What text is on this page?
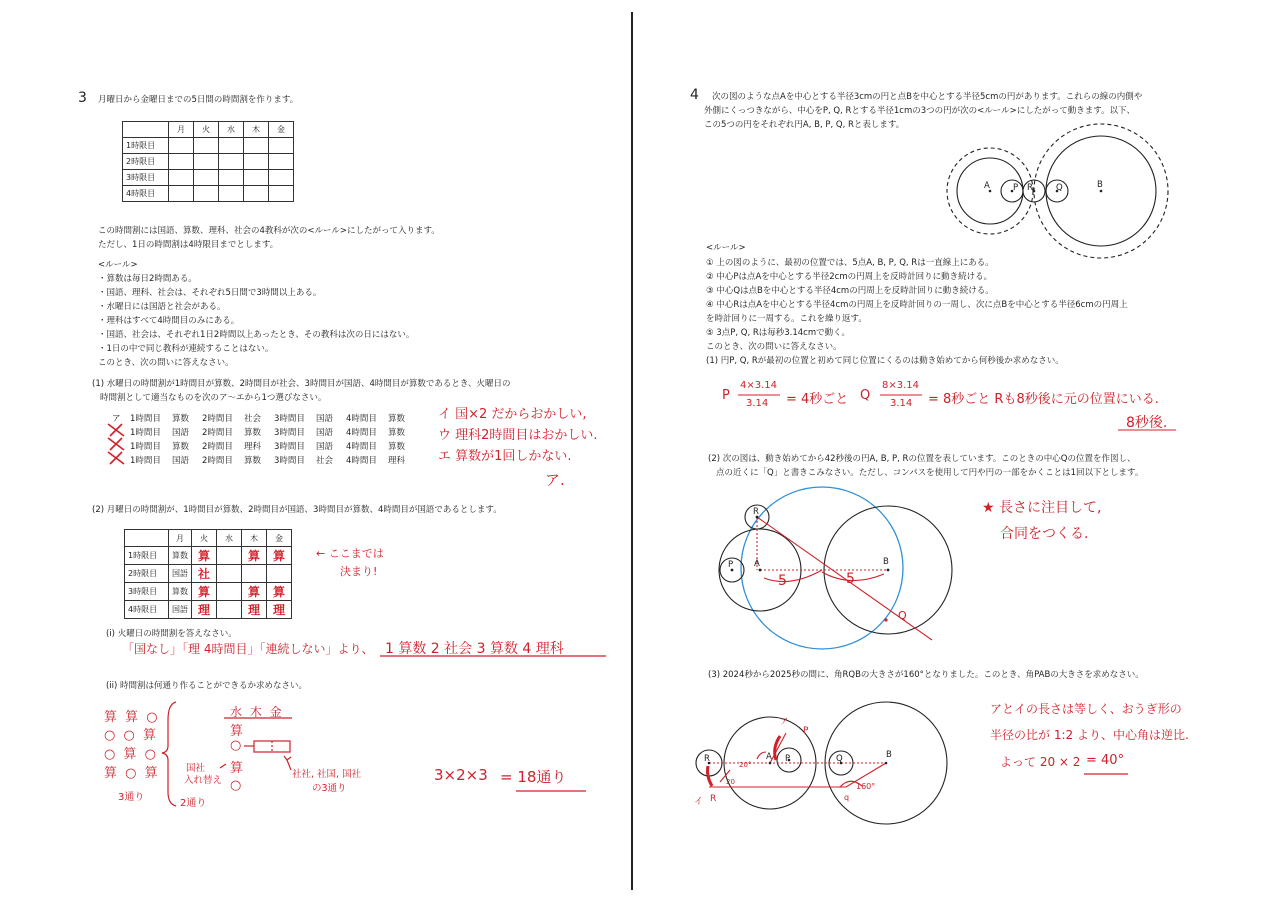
3 月曜日から金曜日までの5日間の時間割を作ります。
	月	火	水	木	金
1時限目					
2時限目					
3時限目					
4時限目					
この時間割には国語、算数、理科、社会の4教科が次の<ルール>にしたがって入ります。
ただし、1日の時間割は4時限目までとします。
<ルール>
・算数は毎日2時間ある。
・国語、理科、社会は、それぞれ5日間で3時間以上ある。
・水曜日には国語と社会がある。
・理科はすべて4時間目のみにある。
・国語、社会は、それぞれ1日2時間以上あったとき、その教科は次の日にはない。
・1日の中で同じ教科が連続することはない。
このとき、次の問いに答えなさい。
(1) 水曜日の時間割が1時間目が算数、2時間目が社会、3時間目が国語、4時間目が算数であるとき、火曜日の
時間割として適当なものを次のア～エから1つ選びなさい。
ア 1時間目 算数 2時間目 社会 3時間目 国語 4時間目 算数
1時間目 国語 2時間目 算数 3時間目 国語 4時間目 算数
1時間目 算数 2時間目 理科 3時間目 国語 4時間目 算数
1時間目 国語 2時間目 算数 3時間目 社会 4時間目 理科
イ 国×2 だからおかしい,
ウ 理科2時間目はおかしい.
エ 算数が1回しかない.
ア.
(2) 月曜日の時間割が、1時間目が算数、2時間目が国語、3時間目が算数、4時間目が国語であるとします。
	月	火	水	木	金
1時限目	算数	算		算	算
2時限目	国語	社			
3時限目	算数	算		算	算
4時限目	国語	理		理	理
← ここまでは
決まり!
(i) 火曜日の時間割を答えなさい。
「国なし」「理 4時間目」「連続しない」より、 1 算数 2 社会 3 算数 4 理科
(ii) 時間割は何通り作ることができるか求めなさい。
算 算 ○
○ ○ 算
○ 算 ○
算 ○ 算
3通り
水 木 金
算
○
算
○
国社
入れ替え
2通り
社社, 社国, 国社
の3通り
3×2×3 = 18通り
4 次の図のような点Aを中心とする半径3cmの円と点Bを中心とする半径5cmの円があります。これらの線の内側や
外側にくっつきながら、中心をP, Q, Rとする半径1cmの3つの円が次の<ルール>にしたがって動きます。以下、
この5つの円をそれぞれ円A, B, P, Q, Rと表します。
A	P R	Q	B
<ルール>
① 上の図のように、最初の位置では、5点A, B, P, Q, Rは一直線上にある。
② 中心Pは点Aを中心とする半径2cmの円周上を反時計回りに動き続ける。
③ 中心Qは点Bを中心とする半径4cmの円周上を反時計回りに動き続ける。
④ 中心Rは点Aを中心とする半径4cmの円周上を反時計回りの一周し、次に点Bを中心とする半径6cmの円周上
を時計回りに一周する。これを繰り返す。
⑤ 3点P, Q, Rは毎秒3.14cmで動く。
このとき、次の問いに答えなさい。
(1) 円P, Q, Rが最初の位置と初めて同じ位置にくるのは動き始めてから何秒後か求めなさい。
P
4×3.14
3.14 = 4秒ごと Q
8×3.14
3.14 = 8秒ごと Rも8秒後に元の位置にいる.
8秒後.
(2) 次の図は、動き始めてから42秒後の円A, B, P, Rの位置を表しています。このときの中心Qの位置を作図し、
点の近くに「Q」と書きこみなさい。ただし、コンパスを使用して円や円の一部をかくことは1回以下とします。
★ 長さに注目して,
合同をつくる.
R
P A	B
Q
5	5
(3) 2024秒から2025秒の間に、角RQBの大きさが160°となりました。このとき、角PABの大きさを求めなさい。
アとイの長さは等しく、おうぎ形の
半径の比が 1:2 より、中心角は逆比.
よって 20 × 2 = 40°
R	A P	Q	B
P
20°
160°
20
イ R
ア
q
